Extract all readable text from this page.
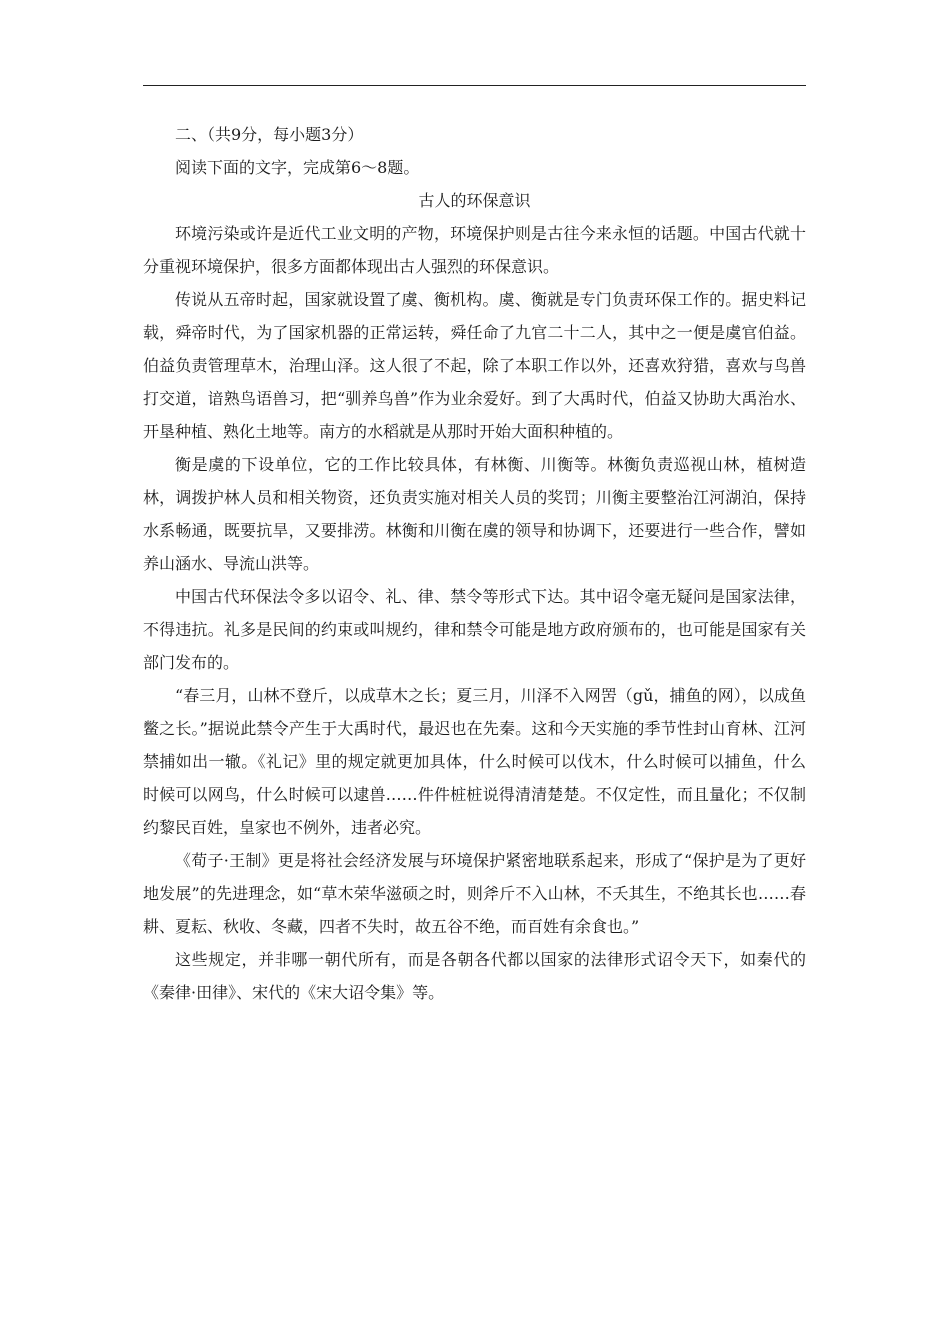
二、（共9分，每小题3分）

阅读下面的文字，完成第6～8题。

古人的环保意识

环境污染或许是近代工业文明的产物，环境保护则是古往今来永恒的话题。中国古代就十分重视环境保护，很多方面都体现出古人强烈的环保意识。

传说从五帝时起，国家就设置了虞、衡机构。虞、衡就是专门负责环保工作的。据史料记载，舜帝时代，为了国家机器的正常运转，舜任命了九官二十二人，其中之一便是虞官伯益。伯益负责管理草木，治理山泽。这人很了不起，除了本职工作以外，还喜欢狩猎，喜欢与鸟兽打交道，谙熟鸟语兽习，把“驯养鸟兽”作为业余爱好。到了大禹时代，伯益又协助大禹治水、开垦种植、熟化土地等。南方的水稻就是从那时开始大面积种植的。

衡是虞的下设单位，它的工作比较具体，有林衡、川衡等。林衡负责巡视山林，植树造林，调拨护林人员和相关物资，还负责实施对相关人员的奖罚；川衡主要整治江河湖泊，保持水系畅通，既要抗旱，又要排涝。林衡和川衡在虞的领导和协调下，还要进行一些合作，譬如养山涵水、导流山洪等。

中国古代环保法令多以诏令、礼、律、禁令等形式下达。其中诏令毫无疑问是国家法律，不得违抗。礼多是民间的约束或叫规约，律和禁令可能是地方政府颁布的，也可能是国家有关部门发布的。

“春三月，山林不登斤，以成草木之长；夏三月，川泽不入网罟（gǔ，捕鱼的网），以成鱼鳖之长。”据说此禁令产生于大禹时代，最迟也在先秦。这和今天实施的季节性封山育林、江河禁捕如出一辙。《礼记》里的规定就更加具体，什么时候可以伐木，什么时候可以捕鱼，什么时候可以网鸟，什么时候可以逮兽……件件桩桩说得清清楚楚。不仅定性，而且量化；不仅制约黎民百姓，皇家也不例外，违者必究。

《荀子·王制》更是将社会经济发展与环境保护紧密地联系起来，形成了“保护是为了更好地发展”的先进理念，如“草木荣华滋硕之时，则斧斤不入山林，不夭其生，不绝其长也……春耕、夏耘、秋收、冬藏，四者不失时，故五谷不绝，而百姓有余食也。”

这些规定，并非哪一朝代所有，而是各朝各代都以国家的法律形式诏令天下，如秦代的《秦律·田律》、宋代的《宋大诏令集》等。
